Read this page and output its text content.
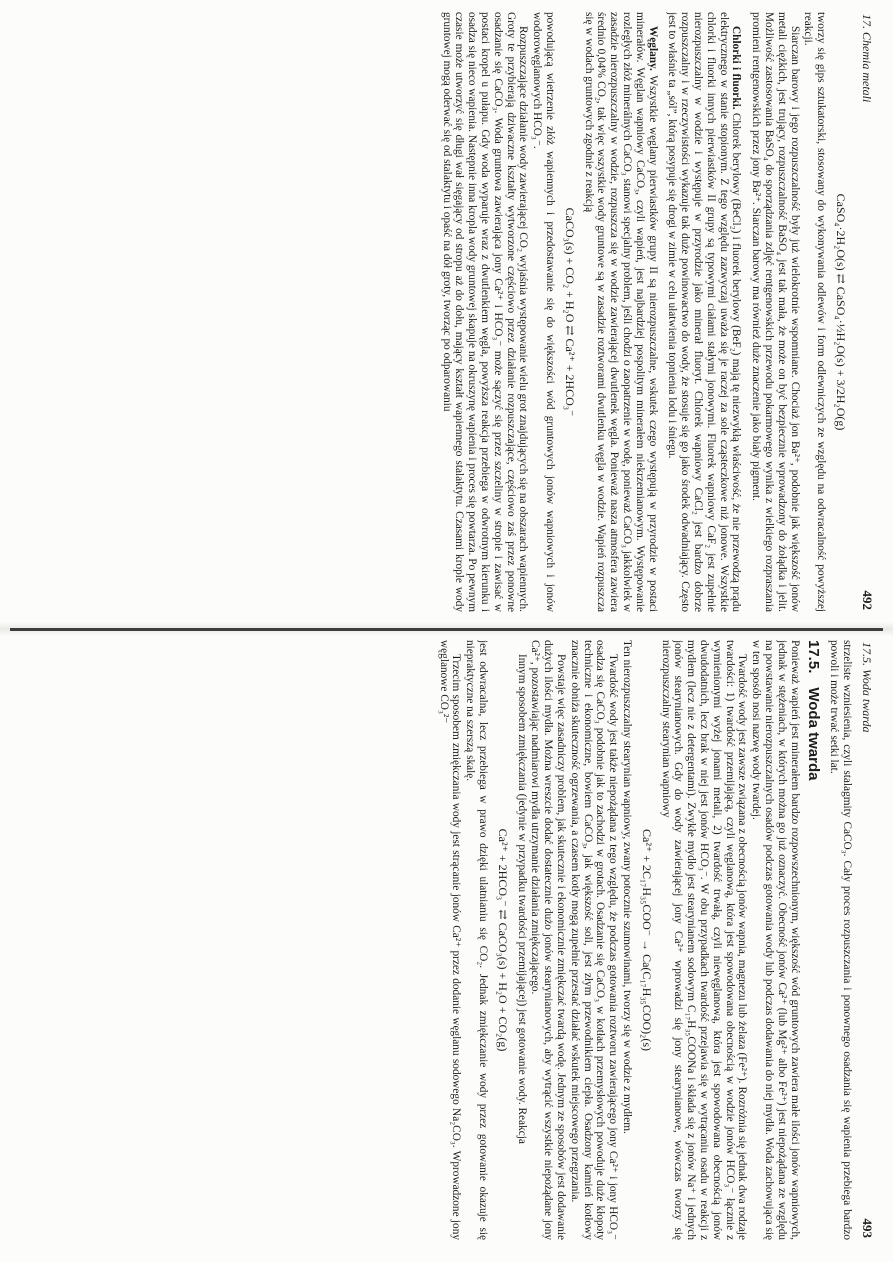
17. Chemia metali
492
CaSO₄·2H₂O(s) ⇄ CaSO₄·½H₂O(s) + 3/2H₂O(g)

tworzy się gips sztukatorski, stosowany do wykonywania odlewów i form odlewniczych ze względu na odwracalność powyższej reakcji.

Siarczan barowy i jego rozpuszczalność były już wielokrotnie wspomniane. Chociaż jon Ba²⁺, podobnie jak większość jonów metali ciężkich, jest trujący, rozpuszczalność BaSO₄ jest tak mała, że może on być bezpiecznie wprowadzony do żołądka i jelit. Możliwość zastosowania BaSO₄ do sporządzania zdjęć rentgenowskich przewodu pokarmowego wynika z wielkiego rozpraszania promieni rentgenowskich przez jony Ba²⁺. Siarczan barowy ma również duże znaczenie jako biały pigment.

Chlorki i fluorki. Chlorek berylowy (BeCl₂) i fluorek berylowy (BeF₂) mają tę niezwykłą właściwość, że nie przewodzą prądu elektrycznego w stanie stopionym. Z tego względu zazwyczaj uważa się je raczej za sole cząsteczkowe niż jonowe. Wszystkie chlorki i fluorki innych pierwiastków II grupy są typowymi ciałami stałymi jonowymi. Fluorek wapniowy CaF₂ jest zupełnie nierozpuszczalny w wodzie i występuje w przyrodzie jako minerał fluoryt. Chlorek wapniowy CaCl₂ jest bardzo dobrze rozpuszczalny i w rzeczywistości wykazuje tak duże powinowactwo do wody, że stosuje się go jako środek odwadniający. Często jest to właśnie ta „sól”, którą posypuje się drogi w zimie w celu ułatwienia topnienia lodu i śniegu.

Węglany. Wszystkie węglany pierwiastków grupy II są nierozpuszczalne, wskutek czego występują w przyrodzie w postaci minerałów. Węglan wapniowy CaCO₃, czyli wapień, jest najbardziej pospolitym minerałem niekrzemianowym. Występowanie rozległych złóż minerálnych CaCO₃ stanowi specjalny problem, jeśli chodzi o zaopatrzenie w wodę, ponieważ CaCO₃ jakkolwiek w zasadzie nierozpuszczalny w wodzie, rozpuszcza się w wodzie zawierającej dwutlenek węgla. Ponieważ nasza atmosfera zawiera średnio 0,04% CO₂, tak więc wszystkie wody gruntowe są w zasadzie roztworami dwutlenku węgla w wodzie. Wapień rozpuszcza się w wodach gruntowych zgodnie z reakcją

CaCO₃(s) + CO₂ + H₂O ⇄ Ca²⁺ + 2HCO₃⁻

powodującą wietrzenie złóż wapiennych i przedostawanie się do większości wód gruntowych jonów wapniowych i jonów wodorowęglanowych HCO₃⁻.

Rozpuszczające działanie wody zawierającej CO₂ wyjaśnia występowanie wielu grot znajdujących się na obszarach wapiennych. Groty te przybierają dziwaczne kształty wytworzone częściowo przez działanie rozpuszczające, częściowo zaś przez ponowne osadzanie się CaCO₃. Woda gruntowa zawierająca jony Ca²⁺ i HCO₃⁻ może sączyć się przez szczeliny w stropie i zawisać w postaci kropel u pułapu. Gdy woda wyparuje wraz z dwutlenkiem węgla, powyższa reakcja przebiega w odwrotnym kierunku i osadza się nieco wapienia. Następnie inna kropla wody gruntowej skapuje na okruszynę wapienia i proces się powtarza. Po pewnym czasie może utworzyć się długi wał sięgający od stropu aż do dołu, mający kształt wapiennego stalaktytu. Czasami krople wody gruntowej mogą oderwać się od stalaktytu i opaść na dół groty, tworząc po odparowaniu

17.5. Woda twarda
493

strzeliste wzniesienia, czyli stalagmity CaCO₃. Cały proces rozpuszczania i ponownego osadzania się wapienia przebiega bardzo powoli i może trwać setki lat.

17.5.Woda twarda

Ponieważ wapień jest minerałem bardzo rozpowszechnionym, większość wód gruntowych zawiera małe ilości jonów wapniowych, jednak w stężeniach, w których można go już oznaczyć. Obecność jonów Ca²⁺ (lub Mg²⁺ albo Fe²⁺) jest niepożądana ze względu na powstawanie nierozpuszczalnych osadów podczas gotowania wody lub podczas dodawania do niej mydła. Woda zachowująca się w ten sposób nosi nazwę wody twardej.

Twardość wody jest zawsze związana z obecnością jonów wapnia, magnezu lub żelaza (Fe²⁺). Rozróżnia się jednak dwa rodzaje twardości: 1) twardość przemijającą, czyli węglanową, która jest spowodowana obecnością w wodzie jonów HCO₃⁻ łącznie z wymienionymi wyżej jonami metali, 2) twardość trwałą, czyli niewęglanową, która jest spowodowana obecnością jonów dwudodatnich, lecz brak w niej jest jonów HCO₃⁻. W obu przypadkach twardość przejawia się w wytrącaniu osadu w reakcji z mydłem (lecz nie z detergentami). Zwykłe mydło jest stearynianem sodowym C₁₇H₃₅COONa i składa się z jonów Na⁺ i jednych jonów stearynianowych. Gdy do wody zawierającej jony Ca²⁺ wprowadzi się jony stearynianowe, wówczas tworzy się nierozpuszczalny stearynian wapniowy

Ca²⁺ + 2C₁₇H₃₅COO⁻ → Ca(C₁₇H₃₅COO)₂(s)

Ten nierozpuszczalny stearynian wapniowy, zwany potocznie szumowinami, tworzy się w wodzie z mydłem.

Twardość wody jest także niepożądana z tego względu, że podczas gotowania roztworu zawierającego jony Ca²⁺ i jony HCO₃⁻ osadza się CaCO₃ podobnie jak to zachodzi w grotach. Osadzanie się CaCO₃ w kotłach przemysłowych powoduje duże kłopoty techniczne i ekonomiczne, bowiem CaCO₃, jak większość soli, jest złym przewodnikiem ciepła. Osadzony kamień kotłowy znacznie obniża skuteczność ogrzewania, a czasem kotły mogą zupełnie przestać działać wskutek miejscowego przegrzania.

Powstaje więc zasadniczy problem, jak skutecznie i ekonomicznie zmiękczać twardą wodę. Jednym ze sposobów jest dodawanie dużych ilości mydła. Można wreszcie dodać dostatecznie dużo jonów stearynianowych, aby wytrącić wszystkie niepożądane jony Ca²⁺, pozostawiając nadmiarowi mydła utrzymanie działania zmiękczającego.

Innym sposobem zmiękczania (jedynie w przypadku twardości przemijającej) jest gotowanie wody. Reakcja

Ca²⁺ + 2HCO₃⁻ ⇄ CaCO₃(s) + H₂O + CO₂(g)

jest odwracalna, lecz przebiega w prawo dzięki ulatnianiu się CO₂. Jednak zmiękczanie wody przez gotowanie okazuje się niepraktyczne na szerszą skalę.

Trzecim sposobem zmiękczania wody jest strącanie jonów Ca²⁺ przez dodanie węglanu sodowego Na₂CO₃. Wprowadzone jony węglanowe CO₃²⁻
